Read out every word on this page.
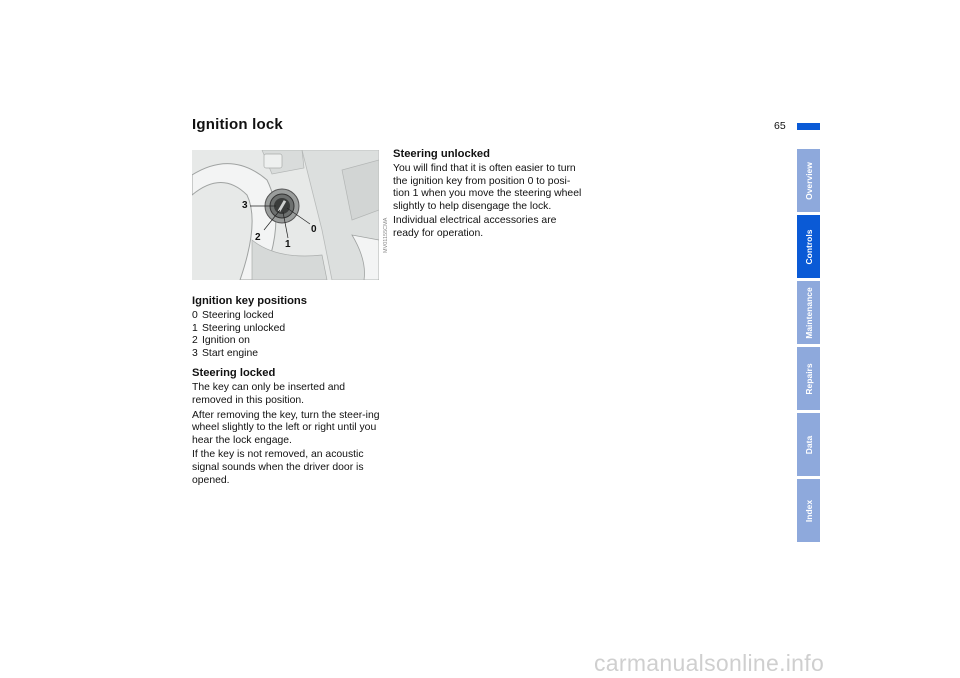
Ignition lock	65
3
2
1
0	MV01155CMA
Ignition key positions
0 Steering locked
1 Steering unlocked
2 Ignition on
3 Start engine
Steering locked

The key can only be inserted and removed in this position.

After removing the key, turn the steer-ing wheel slightly to the left or right until you hear the lock engage.

If the key is not removed, an acoustic signal sounds when the driver door is opened.

Steering unlocked

You will find that it is often easier to turn the ignition key from position 0 to posi-tion 1 when you move the steering wheel slightly to help disengage the lock.

Individual electrical accessories are ready for operation.

Overview
Controls
Maintenance
Repairs
Data
Index
carmanualsonline.info
